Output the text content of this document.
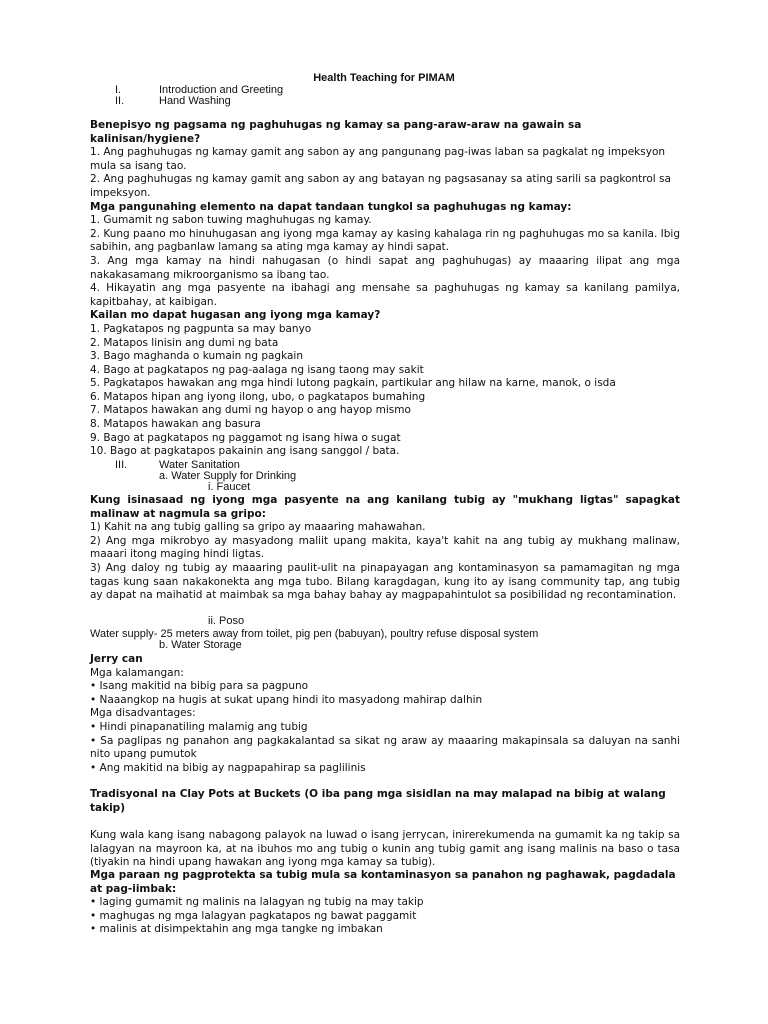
Health Teaching for PIMAM
I.	Introduction and Greeting
II.	Hand Washing

Benepisyo ng pagsama ng paghuhugas ng kamay sa pang-araw-araw na gawain sa kalinisan/hygiene?

1. Ang paghuhugas ng kamay gamit ang sabon ay ang pangunang pag-iwas laban sa pagkalat ng impeksyon mula sa isang tao.

2. Ang paghuhugas ng kamay gamit ang sabon ay ang batayan ng pagsasanay sa ating sarili sa pagkontrol sa impeksyon.

Mga pangunahing elemento na dapat tandaan tungkol sa paghuhugas ng kamay:

1. Gumamit ng sabon tuwing maghuhugas ng kamay.

2. Kung paano mo hinuhugasan ang iyong mga kamay ay kasing kahalaga rin ng paghuhugas mo sa kanila. Ibig sabihin, ang pagbanlaw lamang sa ating mga kamay ay hindi sapat.

3. Ang mga kamay na hindi nahugasan (o hindi sapat ang paghuhugas) ay maaaring ilipat ang mga nakakasamang mikroorganismo sa ibang tao.

4. Hikayatin ang mga pasyente na ibahagi ang mensahe sa paghuhugas ng kamay sa kanilang pamilya, kapitbahay, at kaibigan.

Kailan mo dapat hugasan ang iyong mga kamay?

1. Pagkatapos ng pagpunta sa may banyo
2. Matapos linisin ang dumi ng bata
3. Bago maghanda o kumain ng pagkain
4. Bago at pagkatapos ng pag-aalaga ng isang taong may sakit
5. Pagkatapos hawakan ang mga hindi lutong pagkain, partikular ang hilaw na karne, manok, o isda
6. Matapos hipan ang iyong ilong, ubo, o pagkatapos bumahing
7. Matapos hawakan ang dumi ng hayop o ang hayop mismo
8. Matapos hawakan ang basura
9. Bago at pagkatapos ng paggamot ng isang hiwa o sugat
10. Bago at pagkatapos pakainin ang isang sanggol / bata.
III.	Water Sanitation
a. Water Supply for Drinking
i. Faucet

Kung isinasaad ng iyong mga pasyente na ang kanilang tubig ay "mukhang ligtas" sapagkat malinaw at nagmula sa gripo:

1) Kahit na ang tubig galling sa gripo ay maaaring mahawahan.

2) Ang mga mikrobyo ay masyadong maliit upang makita, kaya't kahit na ang tubig ay mukhang malinaw, maaari itong maging hindi ligtas.

3) Ang daloy ng tubig ay maaaring paulit-ulit na pinapayagan ang kontaminasyon sa pamamagitan ng mga tagas kung saan nakakonekta ang mga tubo. Bilang karagdagan, kung ito ay isang community tap, ang tubig ay dapat na maihatid at maimbak sa mga bahay bahay ay magpapahintulot sa posibilidad ng recontamination.

ii. Poso
Water supply- 25 meters away from toilet, pig pen (babuyan), poultry refuse disposal system
b. Water Storage

Jerry can

Mga kalamangan:

• Isang makitid na bibig para sa pagpuno

• Naaangkop na hugis at sukat upang hindi ito masyadong mahirap dalhin

Mga disadvantages:

• Hindi pinapanatiling malamig ang tubig

• Sa paglipas ng panahon ang pagkakalantad sa sikat ng araw ay maaaring makapinsala sa daluyan na sanhi nito upang pumutok

• Ang makitid na bibig ay nagpapahirap sa paglilinis

Tradisyonal na Clay Pots at Buckets (O iba pang mga sisidlan na may malapad na bibig at walang takip)

Kung wala kang isang nabagong palayok na luwad o isang jerrycan, inirerekumenda na gumamit ka ng takip sa lalagyan na mayroon ka, at na ibuhos mo ang tubig o kunin ang tubig gamit ang isang malinis na baso o tasa (tiyakin na hindi upang hawakan ang iyong mga kamay sa tubig).

Mga paraan ng pagprotekta sa tubig mula sa kontaminasyon sa panahon ng paghawak, pagdadala at pag-iimbak:

• laging gumamit ng malinis na lalagyan ng tubig na may takip

• maghugas ng mga lalagyan pagkatapos ng bawat paggamit

• malinis at disimpektahin ang mga tangke ng imbakan
